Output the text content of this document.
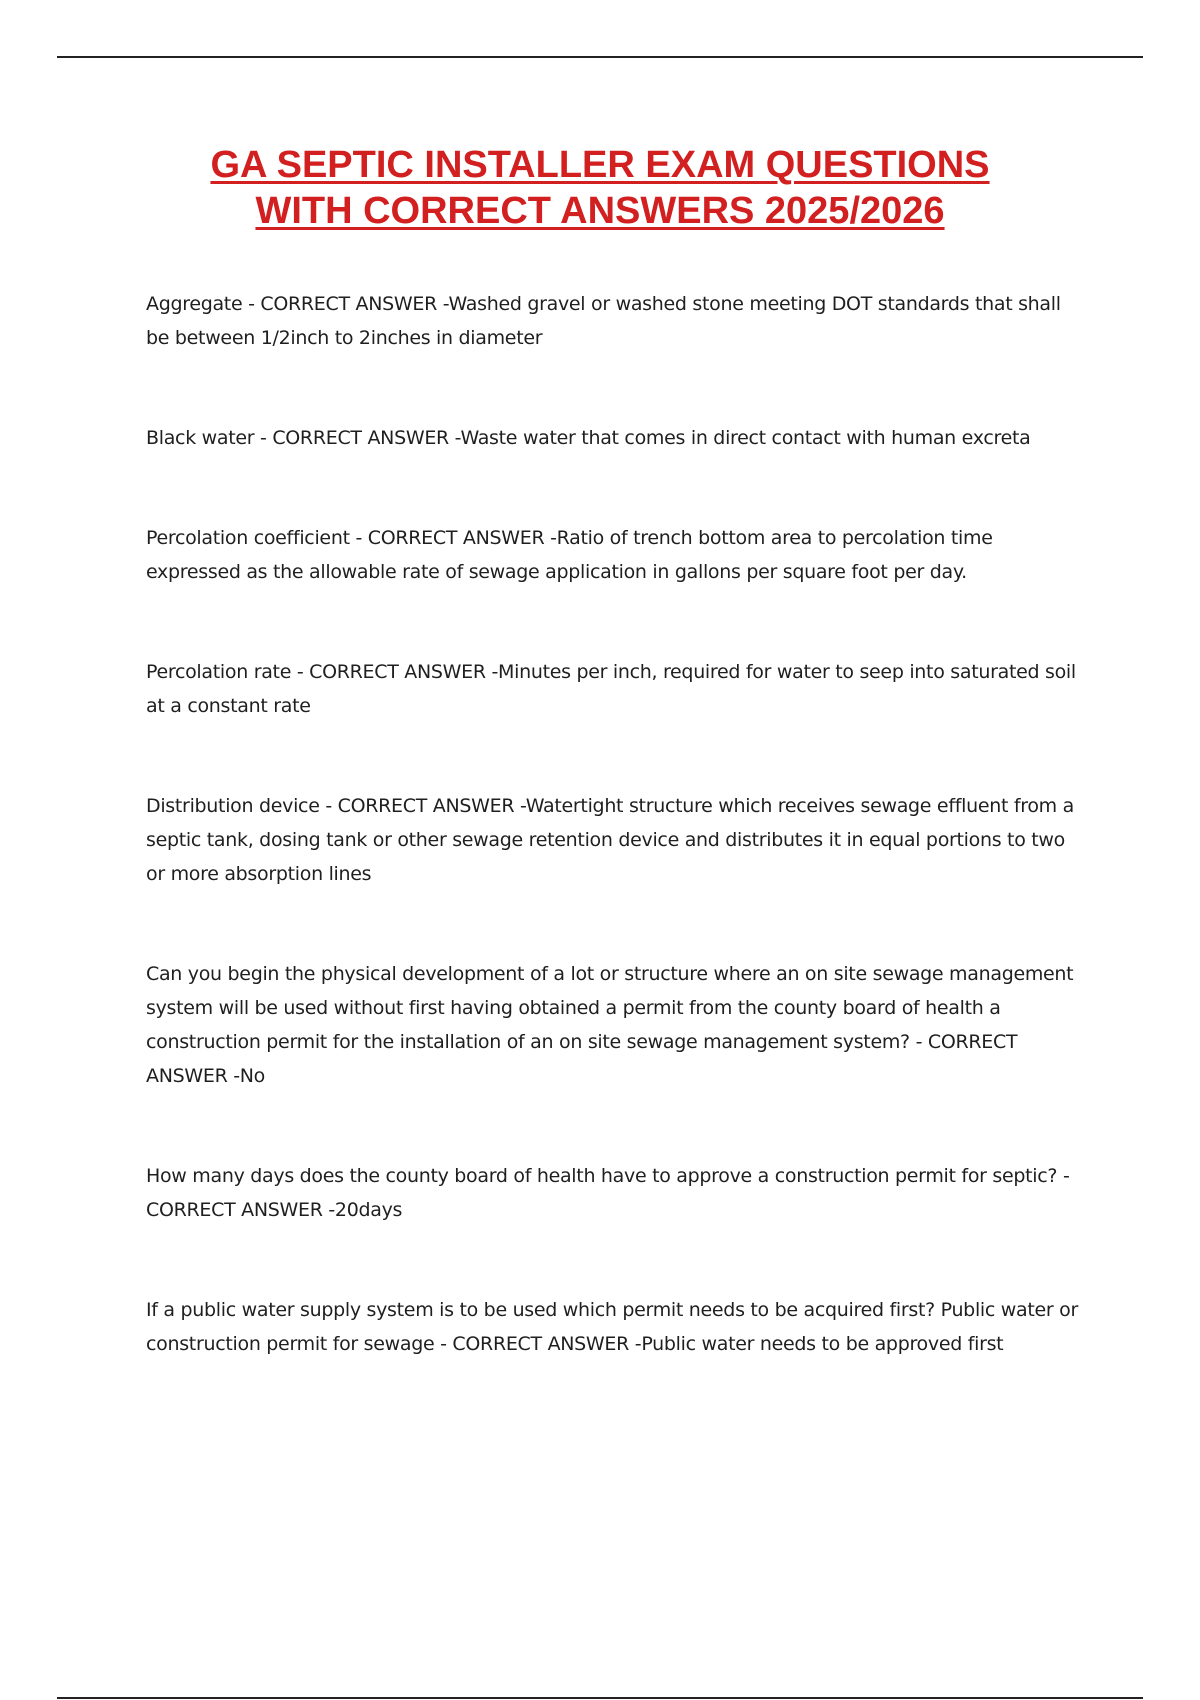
GA SEPTIC INSTALLER EXAM QUESTIONS
WITH CORRECT ANSWERS 2025/2026

Aggregate - CORRECT ANSWER -Washed gravel or washed stone meeting DOT standards that shall be between 1/2inch to 2inches in diameter

Black water - CORRECT ANSWER -Waste water that comes in direct contact with human excreta

Percolation coefficient - CORRECT ANSWER -Ratio of trench bottom area to percolation time expressed as the allowable rate of sewage application in gallons per square foot per day.

Percolation rate - CORRECT ANSWER -Minutes per inch, required for water to seep into saturated soil at a constant rate

Distribution device - CORRECT ANSWER -Watertight structure which receives sewage effluent from a septic tank, dosing tank or other sewage retention device and distributes it in equal portions to two or more absorption lines

Can you begin the physical development of a lot or structure where an on site sewage management system will be used without first having obtained a permit from the county board of health a construction permit for the installation of an on site sewage management system? - CORRECT ANSWER -No

How many days does the county board of health have to approve a construction permit for septic? - CORRECT ANSWER -20days

If a public water supply system is to be used which permit needs to be acquired first? Public water or construction permit for sewage - CORRECT ANSWER -Public water needs to be approved first
